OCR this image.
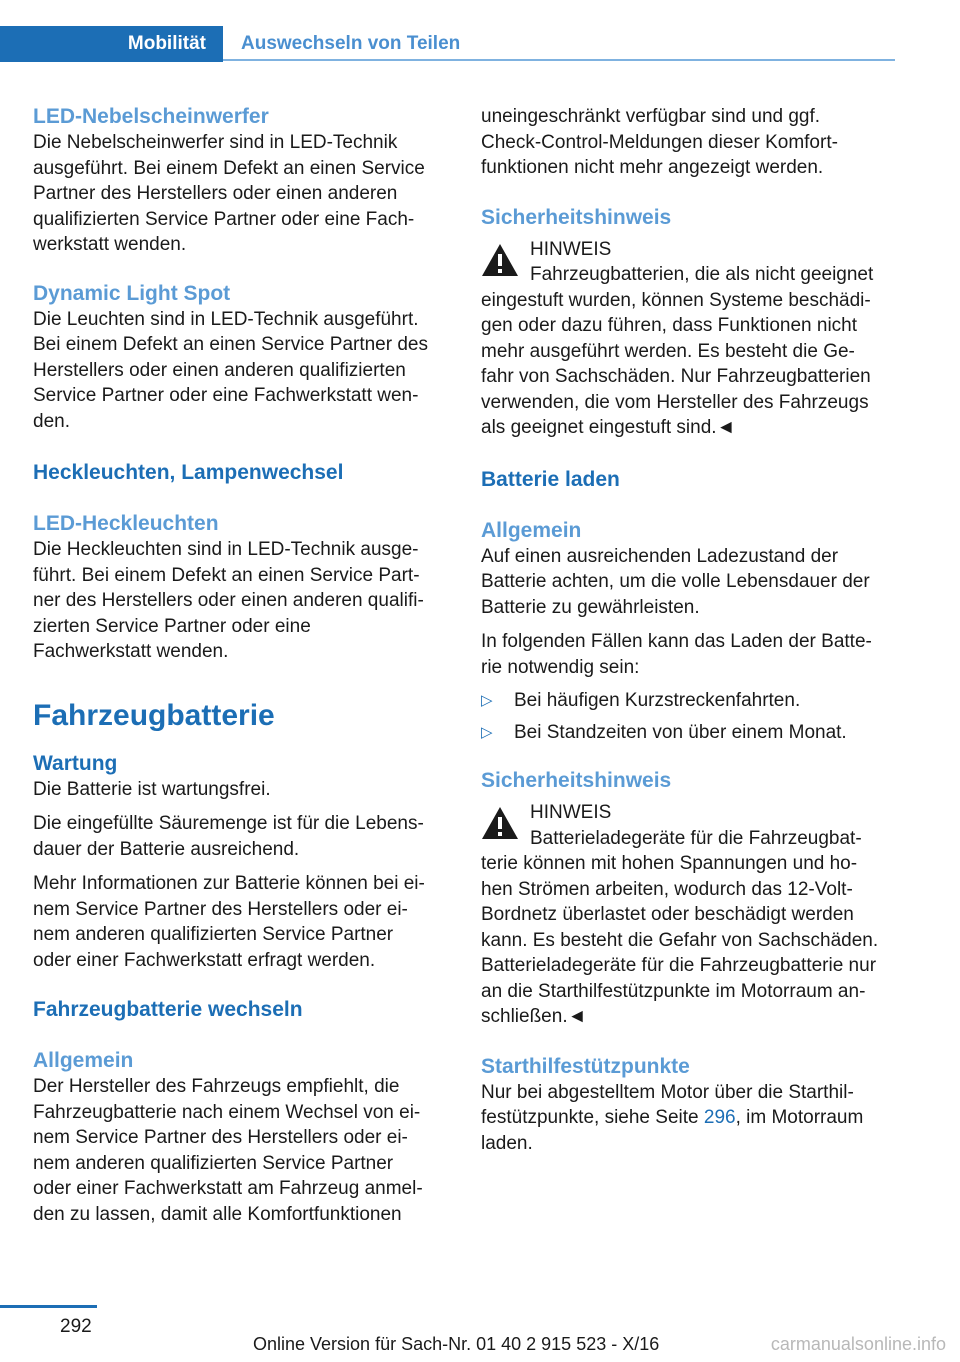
Mobilität	Auswechseln von Teilen
LED-Nebelscheinwerfer

Die Nebelscheinwerfer sind in LED-Technik
ausgeführt. Bei einem Defekt an einen Service
Partner des Herstellers oder einen anderen
qualifizierten Service Partner oder eine Fach‐
werkstatt wenden.

Dynamic Light Spot

Die Leuchten sind in LED-Technik ausgeführt.
Bei einem Defekt an einen Service Partner des
Herstellers oder einen anderen qualifizierten
Service Partner oder eine Fachwerkstatt wen‐
den.

Heckleuchten, Lampenwechsel
LED-Heckleuchten

Die Heckleuchten sind in LED-Technik ausge‐
führt. Bei einem Defekt an einen Service Part‐
ner des Herstellers oder einen anderen qualifi‐
zierten Service Partner oder eine
Fachwerkstatt wenden.

Fahrzeugbatterie
Wartung

Die Batterie ist wartungsfrei.

Die eingefüllte Säuremenge ist für die Lebens‐
dauer der Batterie ausreichend.

Mehr Informationen zur Batterie können bei ei‐
nem Service Partner des Herstellers oder ei‐
nem anderen qualifizierten Service Partner
oder einer Fachwerkstatt erfragt werden.

Fahrzeugbatterie wechseln
Allgemein

Der Hersteller des Fahrzeugs empfiehlt, die
Fahrzeugbatterie nach einem Wechsel von ei‐
nem Service Partner des Herstellers oder ei‐
nem anderen qualifizierten Service Partner
oder einer Fachwerkstatt am Fahrzeug anmel‐
den zu lassen, damit alle Komfortfunktionen

uneingeschränkt verfügbar sind und ggf.
Check-Control-Meldungen dieser Komfort‐
funktionen nicht mehr angezeigt werden.

Sicherheitshinweis

HINWEIS

Fahrzeugbatterien, die als nicht geeignet

eingestuft wurden, können Systeme beschädi‐
gen oder dazu führen, dass Funktionen nicht
mehr ausgeführt werden. Es besteht die Ge‐
fahr von Sachschäden. Nur Fahrzeugbatterien
verwenden, die vom Hersteller des Fahrzeugs
als geeignet eingestuft sind.◄

Batterie laden
Allgemein

Auf einen ausreichenden Ladezustand der
Batterie achten, um die volle Lebensdauer der
Batterie zu gewährleisten.

In folgenden Fällen kann das Laden der Batte‐
rie notwendig sein:

▷ Bei häufigen Kurzstreckenfahrten.
▷ Bei Standzeiten von über einem Monat.
Sicherheitshinweis

HINWEIS

Batterieladegeräte für die Fahrzeugbat‐

terie können mit hohen Spannungen und ho‐
hen Strömen arbeiten, wodurch das 12-Volt-
Bordnetz überlastet oder beschädigt werden
kann. Es besteht die Gefahr von Sachschäden.
Batterieladegeräte für die Fahrzeugbatterie nur
an die Starthilfestützpunkte im Motorraum an‐
schließen.◄

Starthilfestützpunkte

Nur bei abgestelltem Motor über die Starthil‐
festützpunkte, siehe Seite 296, im Motorraum
laden.

292
Online Version für Sach-Nr. 01 40 2 915 523 - X/16	carmanualsonline.info
